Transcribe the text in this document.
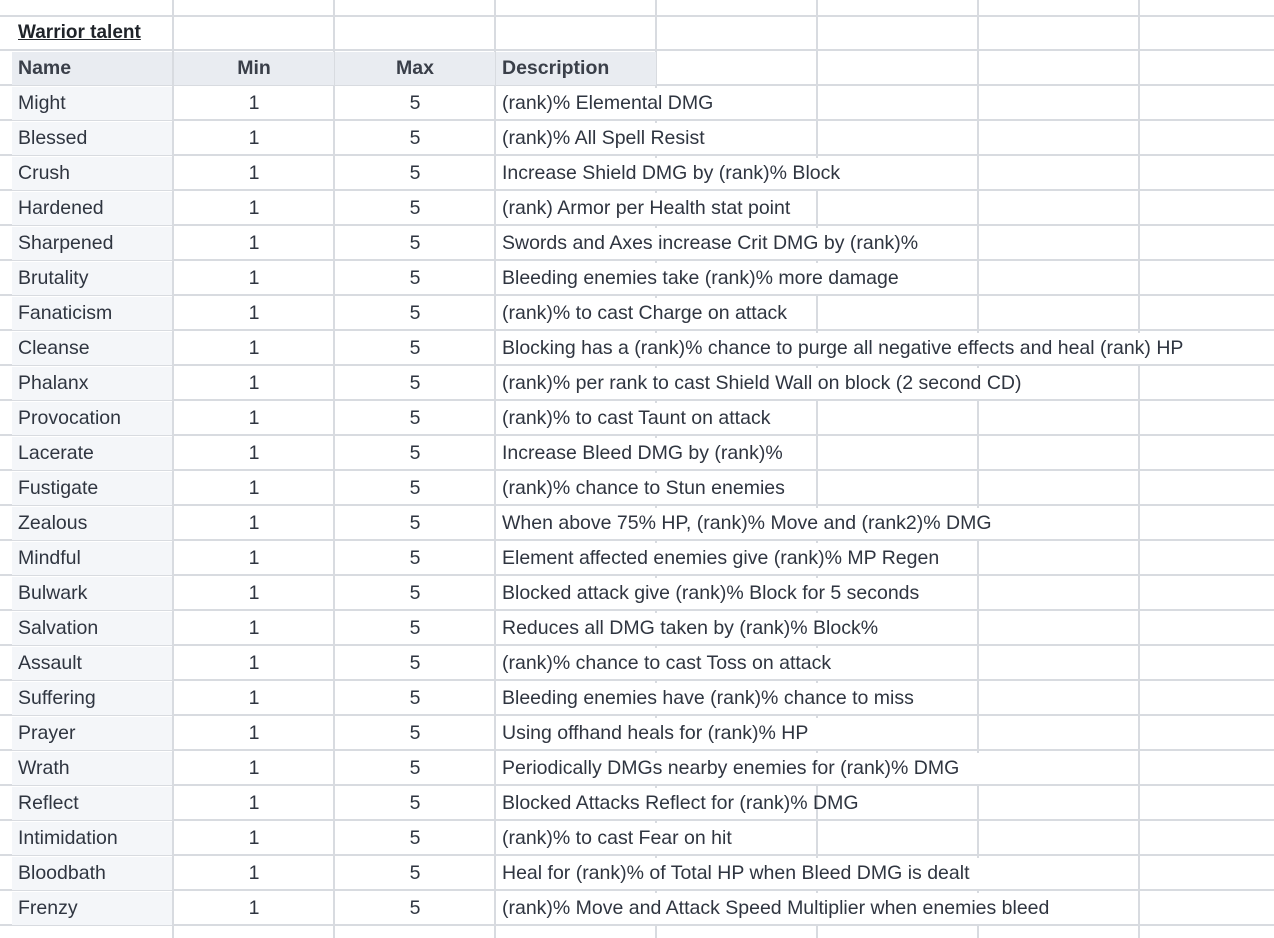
Warrior talent
Name	Min	Max	Description
Might	1	5	(rank)% Elemental DMG
Blessed	1	5	(rank)% All Spell Resist
Crush	1	5	Increase Shield DMG by (rank)% Block
Hardened	1	5	(rank) Armor per Health stat point
Sharpened	1	5	Swords and Axes increase Crit DMG by (rank)%
Brutality	1	5	Bleeding enemies take (rank)% more damage
Fanaticism	1	5	(rank)% to cast Charge on attack
Cleanse	1	5	Blocking has a (rank)% chance to purge all negative effects and heal (rank) HP
Phalanx	1	5	(rank)% per rank to cast Shield Wall on block (2 second CD)
Provocation	1	5	(rank)% to cast Taunt on attack
Lacerate	1	5	Increase Bleed DMG by (rank)%
Fustigate	1	5	(rank)% chance to Stun enemies
Zealous	1	5	When above 75% HP, (rank)% Move and (rank2)% DMG
Mindful	1	5	Element affected enemies give (rank)% MP Regen
Bulwark	1	5	Blocked attack give (rank)% Block for 5 seconds
Salvation	1	5	Reduces all DMG taken by (rank)% Block%
Assault	1	5	(rank)% chance to cast Toss on attack
Suffering	1	5	Bleeding enemies have (rank)% chance to miss
Prayer	1	5	Using offhand heals for (rank)% HP
Wrath	1	5	Periodically DMGs nearby enemies for (rank)% DMG
Reflect	1	5	Blocked Attacks Reflect for (rank)% DMG
Intimidation	1	5	(rank)% to cast Fear on hit
Bloodbath	1	5	Heal for (rank)% of Total HP when Bleed DMG is dealt
Frenzy	1	5	(rank)% Move and Attack Speed Multiplier when enemies bleed
